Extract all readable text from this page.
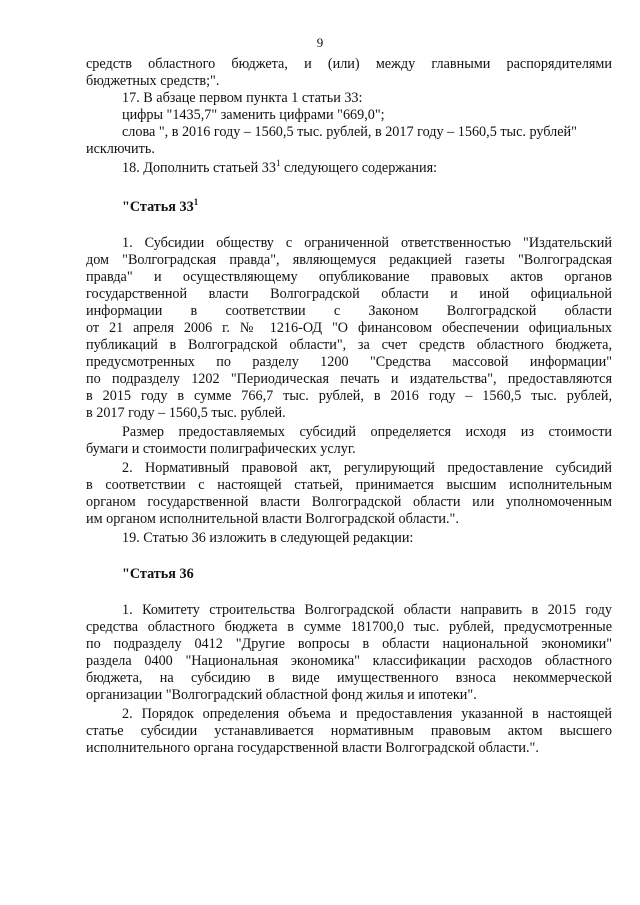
9
средств областного бюджета, и (или) между главными распорядителями
бюджетных средств;".
17. В абзаце первом пункта 1 статьи 33:
цифры "1435,7" заменить цифрами "669,0";
слова ", в 2016 году – 1560,5 тыс. рублей, в 2017 году – 1560,5 тыс. рублей"
исключить.
18. Дополнить статьей $33^1$ следующего содержания:
"Статья $33^1$
1. Субсидии обществу с ограниченной ответственностью "Издательский
дом "Волгоградская правда", являющемуся редакцией газеты "Волгоградская
правда" и осуществляющему опубликование правовых актов органов
государственной власти Волгоградской области и иной официальной
информации в соответствии с Законом Волгоградской области
от 21 апреля 2006 г. № 1216-ОД "О финансовом обеспечении официальных
публикаций в Волгоградской области", за счет средств областного бюджета,
предусмотренных по разделу 1200 "Средства массовой информации"
по подразделу 1202 "Периодическая печать и издательства", предоставляются
в 2015 году в сумме 766,7 тыс. рублей, в 2016 году – 1560,5 тыс. рублей,
в 2017 году – 1560,5 тыс. рублей.
Размер предоставляемых субсидий определяется исходя из стоимости
бумаги и стоимости полиграфических услуг.
2. Нормативный правовой акт, регулирующий предоставление субсидий
в соответствии с настоящей статьей, принимается высшим исполнительным
органом государственной власти Волгоградской области или уполномоченным
им органом исполнительной власти Волгоградской области.".
19. Статью 36 изложить в следующей редакции:
"Статья 36
1. Комитету строительства Волгоградской области направить в 2015 году
средства областного бюджета в сумме 181700,0 тыс. рублей, предусмотренные
по подразделу 0412 "Другие вопросы в области национальной экономики"
раздела 0400 "Национальная экономика" классификации расходов областного
бюджета, на субсидию в виде имущественного взноса некоммерческой
организации "Волгоградский областной фонд жилья и ипотеки".
2. Порядок определения объема и предоставления указанной в настоящей
статье субсидии устанавливается нормативным правовым актом высшего
исполнительного органа государственной власти Волгоградской области.".
